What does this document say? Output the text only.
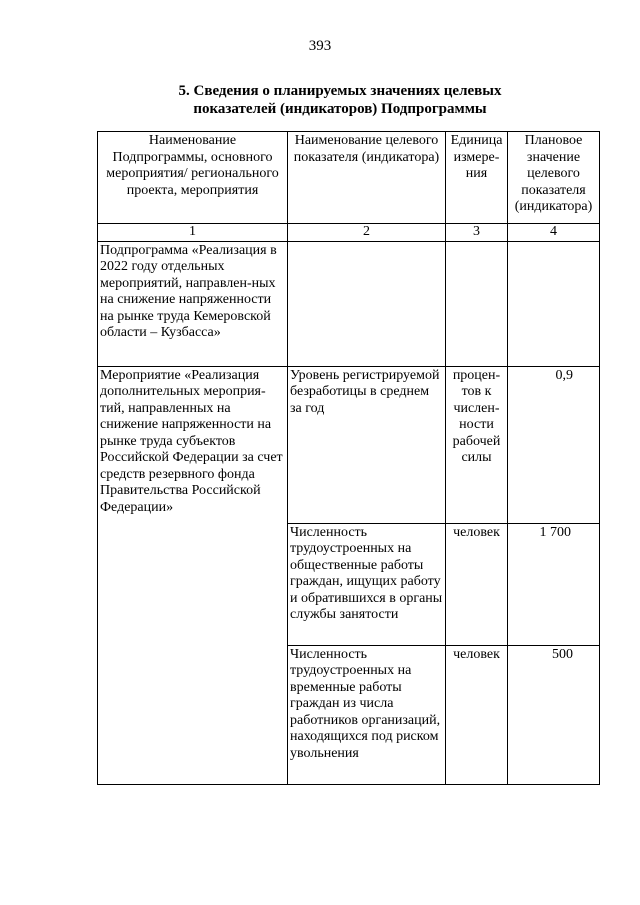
393
5. Сведения о планируемых значениях целевых
показателей (индикаторов) Подпрограммы
Наименование Подпрограммы, основного мероприятия/ регионального проекта, мероприятия	Наименование целевого показателя (индикатора)	Единица измере-ния	Плановое значение целевого показателя (индикатора)
1	2	3	4
Подпрограмма «Реализация в 2022 году отдельных мероприятий, направлен-ных на снижение напряженности на рынке труда Кемеровской области – Кузбасса»			
Мероприятие «Реализация дополнительных мероприя-тий, направленных на снижение напряженности на рынке труда субъектов Российской Федерации за счет средств резервного фонда Правительства Российской Федерации»	Уровень регистрируемой безработицы в среднем за год	процен-тов к числен-ности рабочей силы	0,9
	Численность трудоустроенных на общественные работы граждан, ищущих работу и обратившихся в органы службы занятости	человек	1 700
	Численность трудоустроенных на временные работы граждан из числа работников организаций, находящихся под риском увольнения	человек	500
